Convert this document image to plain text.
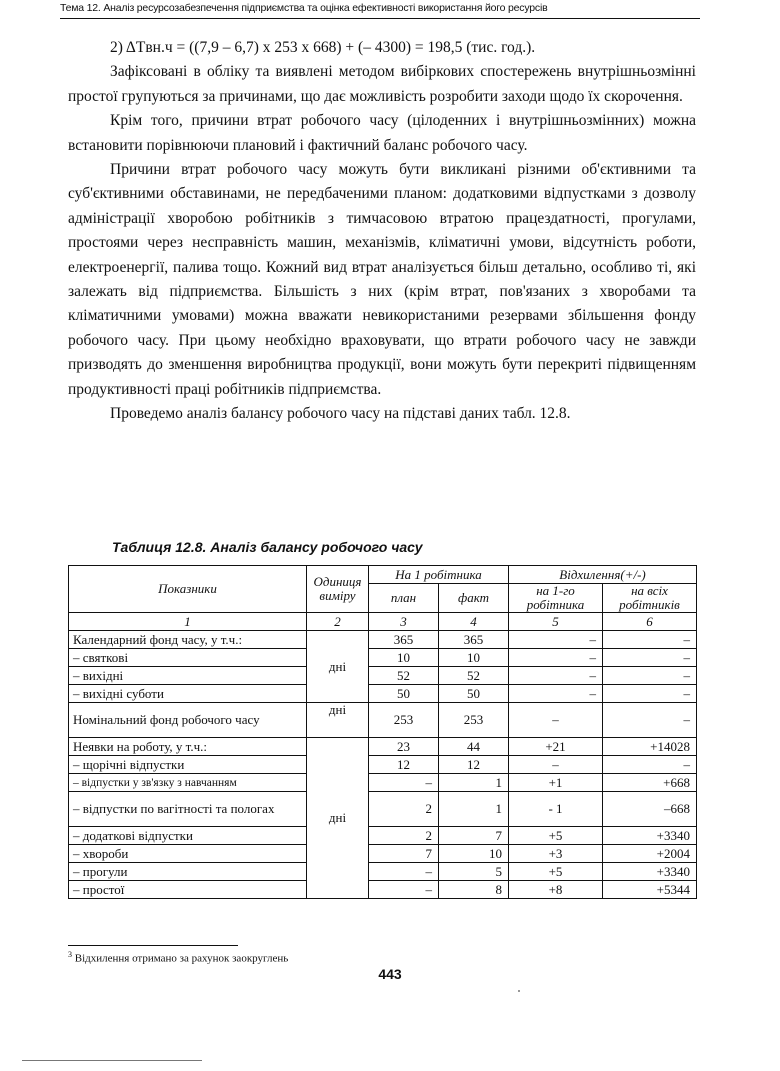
Тема 12. Аналіз ресурсозабезпечення підприємства та оцінка ефективності використання його ресурсів

2) ΔTвн.ч = ((7,9 – 6,7) x 253 x 668) + (– 4300) = 198,5 (тис. год.).

Зафіксовані в обліку та виявлені методом вибіркових спостережень внутрішньозмінні простої групуються за причинами, що дає можливість розробити заходи щодо їх скорочення.

Крім того, причини втрат робочого часу (цілоденних і внутрішньозмінних) можна встановити порівнюючи плановий і фактичний баланс робочого часу.

Причини втрат робочого часу можуть бути викликані різними об'єктивними та суб'єктивними обставинами, не передбаченими планом: додатковими відпустками з дозволу адміністрації хворобою робітників з тимчасовою втратою працездатності, прогулами, простоями через несправність машин, механізмів, кліматичні умови, відсутність роботи, електроенергії, палива тощо. Кожний вид втрат аналізується більш детально, особливо ті, які залежать від підприємства. Більшість з них (крім втрат, пов'язаних з хворобами та кліматичними умовами) можна вважати невикористаними резервами збільшення фонду робочого часу. При цьому необхідно враховувати, що втрати робочого часу не завжди призводять до зменшення виробництва продукції, вони можуть бути перекриті підвищенням продуктивності праці робітників підприємства.

Проведемо аналіз балансу робочого часу на підставі даних табл. 12.8.

Таблиця 12.8. Аналіз балансу робочого часу
Показники	Одиниця виміру	На 1 робітника		Відхилення(+/-)	
		план	факт	на 1-го робітника	на всіх робітників
1	2	3	4	5	6
Календарний фонд часу, у т.ч.:	дні	365	365	–	–
– святкові		10	10	–	–
– вихідні		52	52	–	–
– вихідні суботи		50	50	–	–
Номінальний фонд робочого часу	дні	253	253	–	–
Неявки на роботу, у т.ч.:	дні	23	44	+21	+14028
– щорічні відпустки		12	12	–	–
– відпустки у зв'язку з навчанням		–	1	+1	+668
– відпустки по вагітності та пологах		2	1	- 1	–668
– додаткові відпустки		2	7	+5	+3340
– хвороби		7	10	+3	+2004
– прогули		–	5	+5	+3340
– простої		–	8	+8	+5344
$^3$ Відхилення отримано за рахунок заокруглень
443
